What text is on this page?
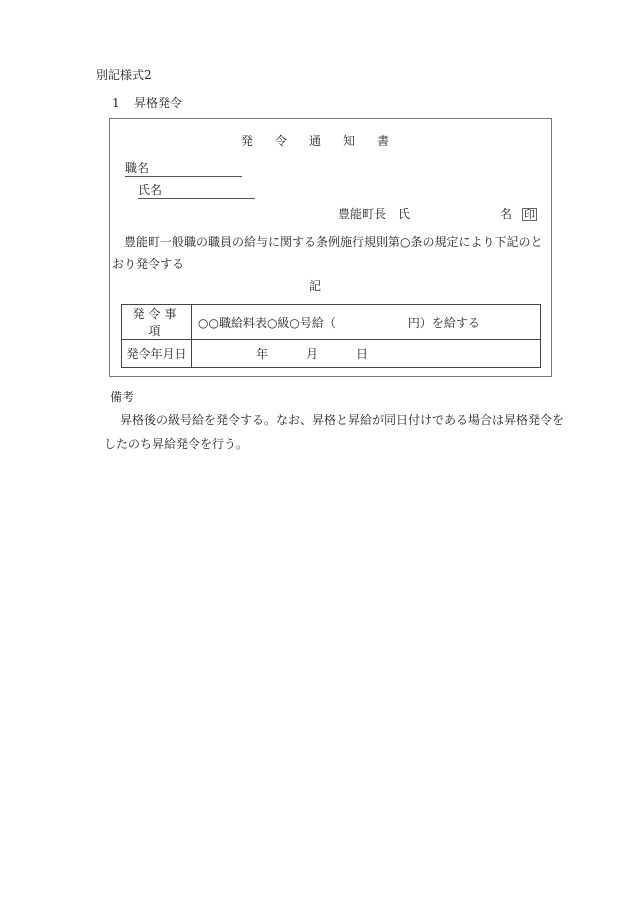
別記様式2
1 昇格発令
発令通知書
職名
氏名
豊能町長　氏	名 印
豊能町一般職の職員の給与に関する条例施行規則第○条の規定により下記のとおり発令する
記
発令事項	○○職給料表○級○号給（ 円）を給する
発令年月日	年 月 日
備考
昇格後の級号給を発令する。なお、昇格と昇給が同日付けである場合は昇格発令をしたのち昇給発令を行う。
